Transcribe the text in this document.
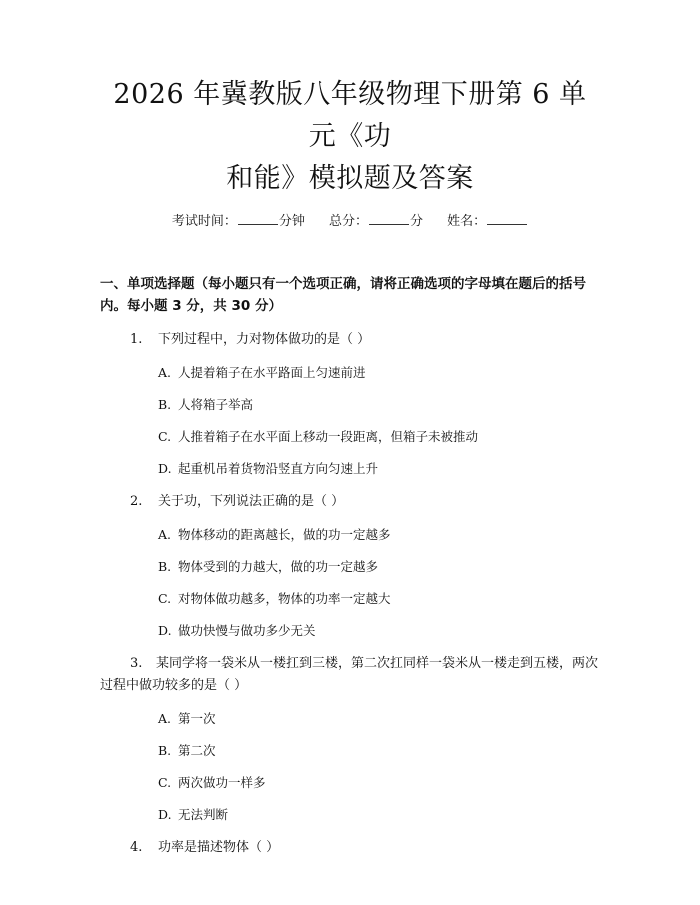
2026 年冀教版八年级物理下册第 6 单元《功
和能》模拟题及答案
考试时间：	分钟 总分：	分 姓名：
一、单项选择题（每小题只有一个选项正确，请将正确选项的字母填在题后的括号内。每小题 3 分，共 30 分）
1. 下列过程中，力对物体做功的是（ ）
A. 人提着箱子在水平路面上匀速前进
B. 人将箱子举高
C. 人推着箱子在水平面上移动一段距离，但箱子未被推动
D. 起重机吊着货物沿竖直方向匀速上升
2. 关于功，下列说法正确的是（ ）
A. 物体移动的距离越长，做的功一定越多
B. 物体受到的力越大，做的功一定越多
C. 对物体做功越多，物体的功率一定越大
D. 做功快慢与做功多少无关
3. 某同学将一袋米从一楼扛到三楼，第二次扛同样一袋米从一楼走到五楼，两次过程中做功较多的是（ ）
A. 第一次
B. 第二次
C. 两次做功一样多
D. 无法判断
4. 功率是描述物体（ ）
